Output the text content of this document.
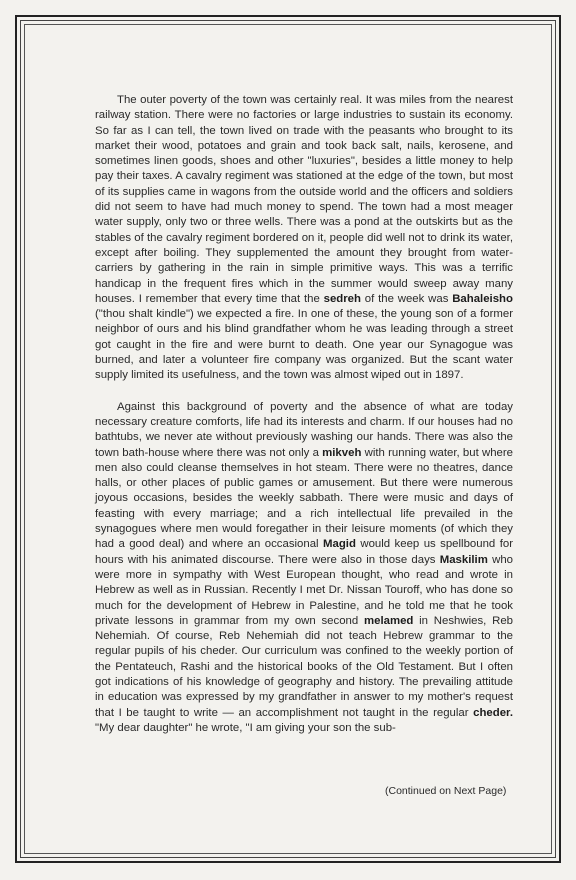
The outer poverty of the town was certainly real. It was miles from the nearest railway station. There were no factories or large industries to sustain its economy. So far as I can tell, the town lived on trade with the peasants who brought to its market their wood, potatoes and grain and took back salt, nails, kerosene, and sometimes linen goods, shoes and other "luxuries", besides a little money to help pay their taxes. A cavalry regiment was stationed at the edge of the town, but most of its supplies came in wagons from the outside world and the officers and soldiers did not seem to have had much money to spend. The town had a most meager water supply, only two or three wells. There was a pond at the outskirts but as the stables of the cavalry regiment bordered on it, people did well not to drink its water, except after boiling. They supplemented the amount they brought from water-carriers by gathering in the rain in simple primitive ways. This was a terrific handicap in the frequent fires which in the summer would sweep away many houses. I remember that every time that the sedreh of the week was Bahaleisho ("thou shalt kindle") we expected a fire. In one of these, the young son of a former neighbor of ours and his blind grandfather whom he was leading through a street got caught in the fire and were burnt to death. One year our Synagogue was burned, and later a volunteer fire company was organized. But the scant water supply limited its usefulness, and the town was almost wiped out in 1897.

Against this background of poverty and the absence of what are today necessary creature comforts, life had its interests and charm. If our houses had no bathtubs, we never ate without previously washing our hands. There was also the town bath-house where there was not only a mikveh with running water, but where men also could cleanse themselves in hot steam. There were no theatres, dance halls, or other places of public games or amusement. But there were numerous joyous occasions, besides the weekly sabbath. There were music and days of feasting with every marriage; and a rich intellectual life prevailed in the synagogues where men would foregather in their leisure moments (of which they had a good deal) and where an occasional Magid would keep us spellbound for hours with his animated discourse. There were also in those days Maskilim who were more in sympathy with West European thought, who read and wrote in Hebrew as well as in Russian. Recently I met Dr. Nissan Touroff, who has done so much for the development of Hebrew in Palestine, and he told me that he took private lessons in grammar from my own second melamed in Neshwies, Reb Nehemiah. Of course, Reb Nehemiah did not teach Hebrew grammar to the regular pupils of his cheder. Our curriculum was confined to the weekly portion of the Pentateuch, Rashi and the historical books of the Old Testament. But I often got indications of his knowledge of geography and history. The prevailing attitude in education was expressed by my grandfather in answer to my mother's request that I be taught to write — an accomplishment not taught in the regular cheder. "My dear daughter" he wrote, "I am giving your son the sub-

(Continued on Next Page)
